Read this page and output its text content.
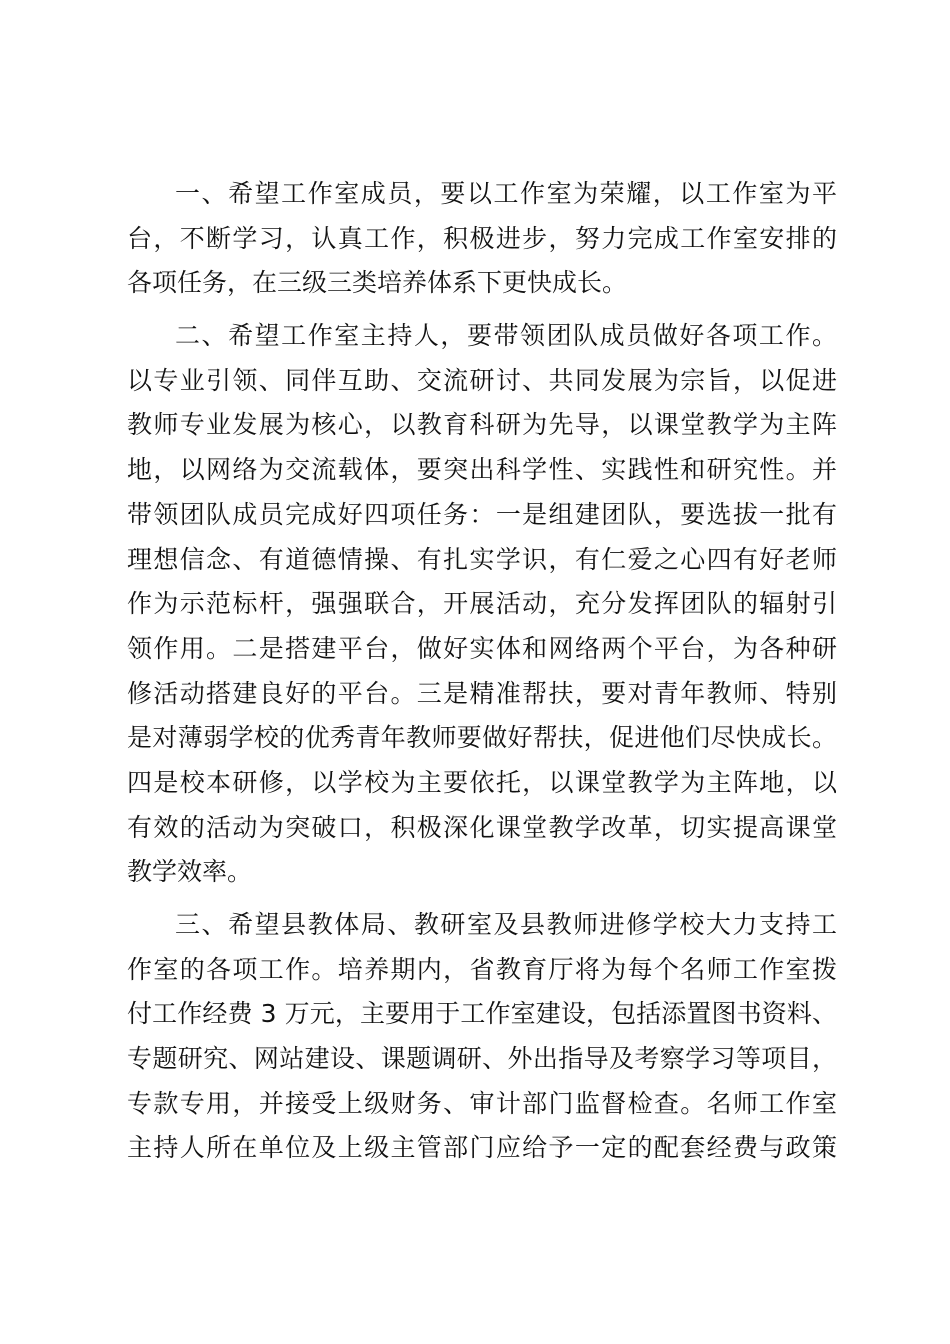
一、希望工作室成员，要以工作室为荣耀，以工作室为平
台，不断学习，认真工作，积极进步，努力完成工作室安排的
各项任务，在三级三类培养体系下更快成长。
二、希望工作室主持人，要带领团队成员做好各项工作。
以专业引领、同伴互助、交流研讨、共同发展为宗旨，以促进
教师专业发展为核心，以教育科研为先导，以课堂教学为主阵
地，以网络为交流载体，要突出科学性、实践性和研究性。并
带领团队成员完成好四项任务：一是组建团队，要选拔一批有
理想信念、有道德情操、有扎实学识，有仁爱之心四有好老师
作为示范标杆，强强联合，开展活动，充分发挥团队的辐射引
领作用。二是搭建平台，做好实体和网络两个平台，为各种研
修活动搭建良好的平台。三是精准帮扶，要对青年教师、特别
是对薄弱学校的优秀青年教师要做好帮扶，促进他们尽快成长。
四是校本研修，以学校为主要依托，以课堂教学为主阵地，以
有效的活动为突破口，积极深化课堂教学改革，切实提高课堂
教学效率。
三、希望县教体局、教研室及县教师进修学校大力支持工
作室的各项工作。培养期内，省教育厅将为每个名师工作室拨
付工作经费 3 万元，主要用于工作室建设，包括添置图书资料、
专题研究、网站建设、课题调研、外出指导及考察学习等项目，
专款专用，并接受上级财务、审计部门监督检查。名师工作室
主持人所在单位及上级主管部门应给予一定的配套经费与政策
